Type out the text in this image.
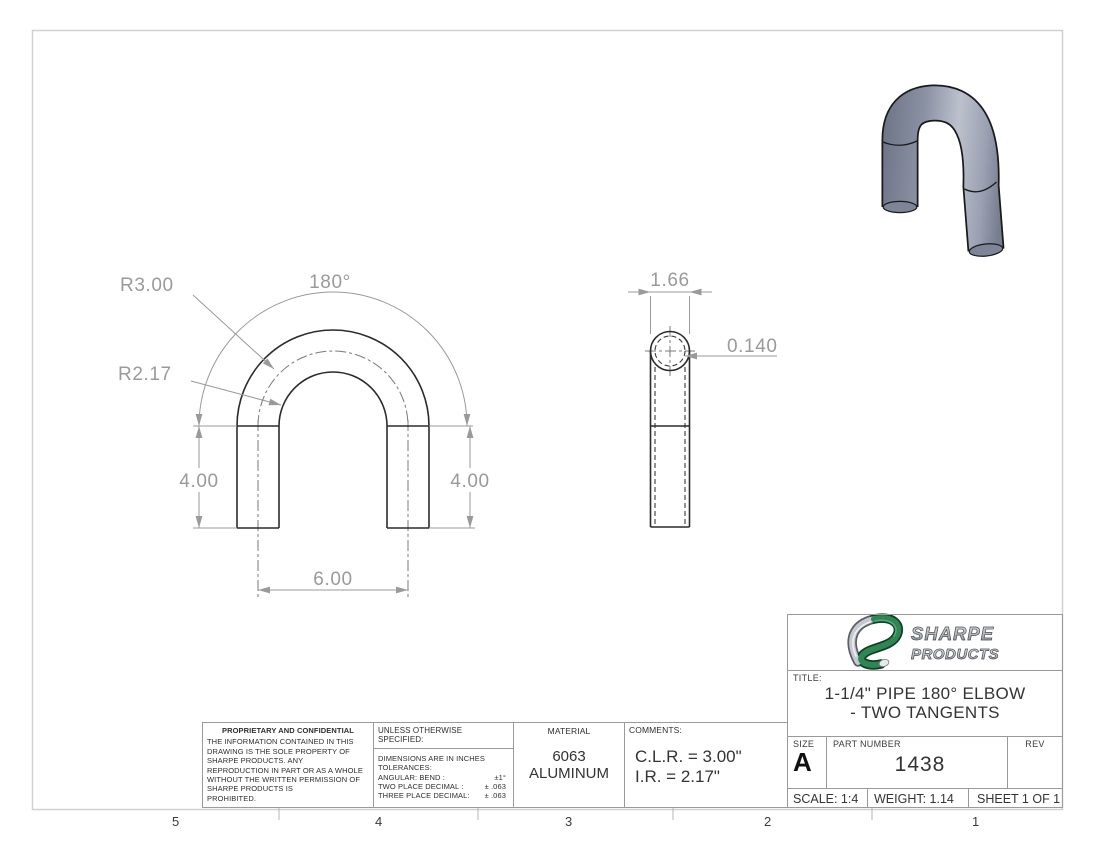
R3.00	180°
R2.17
4.00	4.00
6.00
1.66
0.140
SHARPE
PRODUCTS
TITLE:
1-1/4" PIPE 180° ELBOW
- TWO TANGENTS
SIZE
A
PART NUMBER
1438
REV
SCALE: 1:4	WEIGHT: 1.14	SHEET 1 OF 1
PROPRIETARY AND CONFIDENTIAL
THE INFORMATION CONTAINED IN THIS
DRAWING IS THE SOLE PROPERTY OF
SHARPE PRODUCTS. ANY
REPRODUCTION IN PART OR AS A WHOLE
WITHOUT THE WRITTEN PERMISSION OF
SHARPE PRODUCTS IS
PROHIBITED.
UNLESS OTHERWISE SPECIFIED:
DIMENSIONS ARE IN INCHES
TOLERANCES:
ANGULAR: BEND :	±1°
TWO PLACE DECIMAL :	± .063
THREE PLACE DECIMAL: ± .063
MATERIAL
6063
ALUMINUM
COMMENTS:
C.L.R. = 3.00"
I.R. = 2.17"
5	4	3	2	1
